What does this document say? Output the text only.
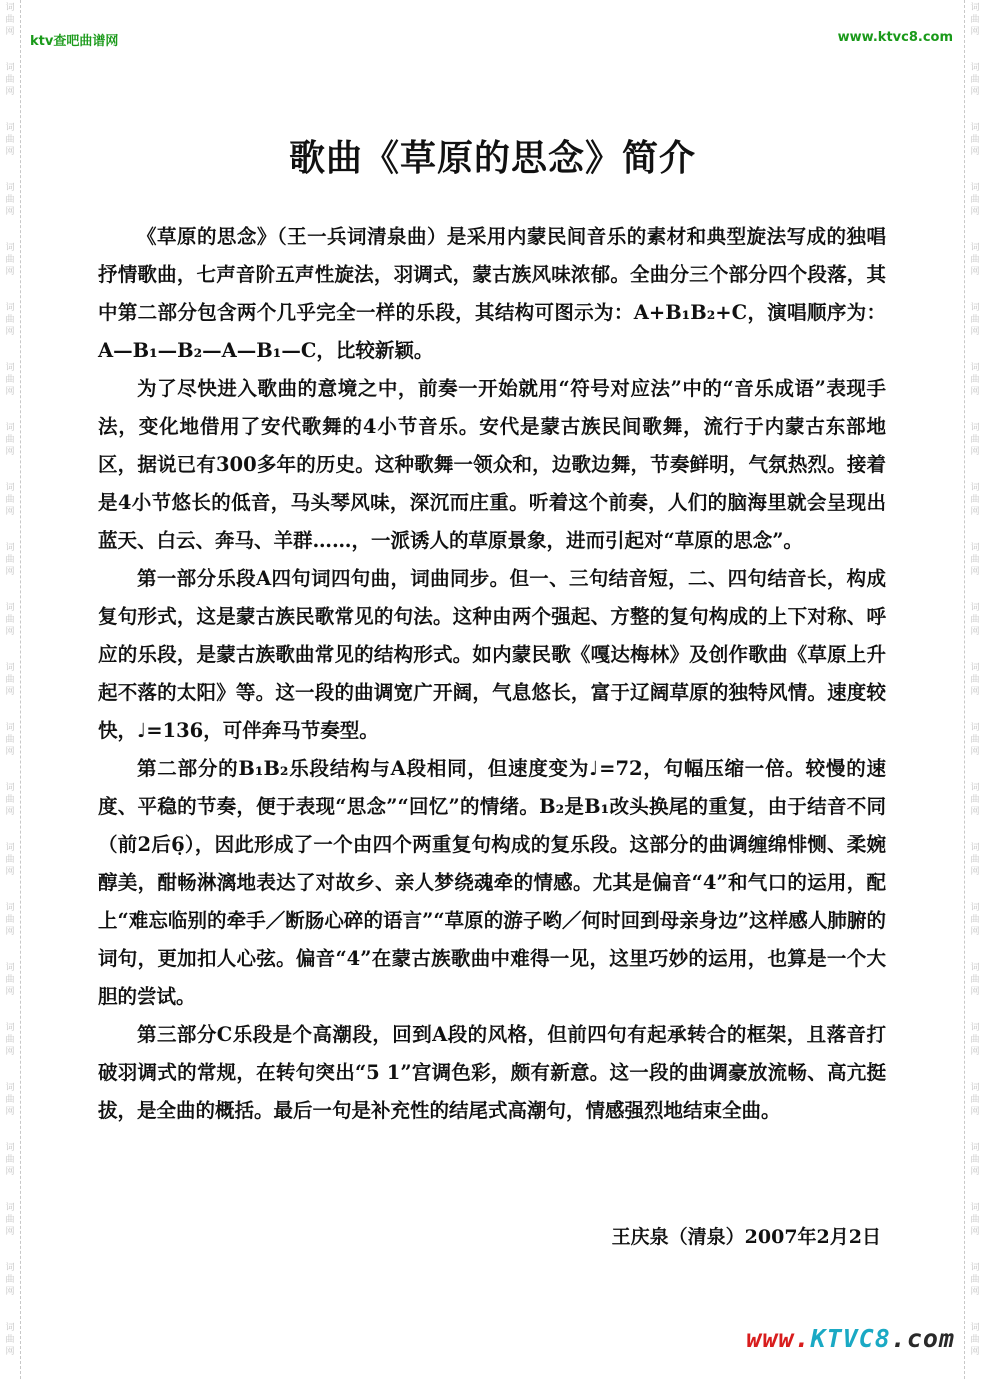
词
曲
网
词
曲
网
词
曲
网
词
曲
网
词
曲
网
词
曲
网
词
曲
网
词
曲
网
词
曲
网
词
曲
网
词
曲
网
词
曲
网
词
曲
网
词
曲
网
词
曲
网
词
曲
网
词
曲
网
词
曲
网
词
曲
网
词
曲
网
词
曲
网
词
曲
网
词
曲
网
词
曲
网
词
曲
网
词
曲
网
词
曲
网
词
曲
网
词
曲
网
词
曲
网
词
曲
网
词
曲
网
词
曲
网
词
曲
网
词
曲
网
词
曲
网
词
曲
网
词
曲
网
词
曲
网
词
曲
网
词
曲
网
词
曲
网
词
曲
网
词
曲
网
词
曲
网
词
曲
网
ktv查吧曲谱网	www.ktvc8.com
歌曲《草原的思念》简介

《草原的思念》（王一兵词清泉曲）是采用内蒙民间音乐的素材和典型旋法写成的独唱抒情歌曲，七声音阶五声性旋法，羽调式，蒙古族风味浓郁。全曲分三个部分四个段落，其中第二部分包含两个几乎完全一样的乐段，其结构可图示为：A+B₁B₂+C，演唱顺序为：A—B₁—B₂—A—B₁—C，比较新颖。

为了尽快进入歌曲的意境之中，前奏一开始就用“符号对应法”中的“音乐成语”表现手法，变化地借用了安代歌舞的4小节音乐。安代是蒙古族民间歌舞，流行于内蒙古东部地区，据说已有300多年的历史。这种歌舞一领众和，边歌边舞，节奏鲜明，气氛热烈。接着是4小节悠长的低音，马头琴风味，深沉而庄重。听着这个前奏，人们的脑海里就会呈现出蓝天、白云、奔马、羊群……，一派诱人的草原景象，进而引起对“草原的思念”。

第一部分乐段A四句词四句曲，词曲同步。但一、三句结音短，二、四句结音长，构成复句形式，这是蒙古族民歌常见的句法。这种由两个强起、方整的复句构成的上下对称、呼应的乐段，是蒙古族歌曲常见的结构形式。如内蒙民歌《嘎达梅林》及创作歌曲《草原上升起不落的太阳》等。这一段的曲调宽广开阔，气息悠长，富于辽阔草原的独特风情。速度较快，♩=136，可伴奔马节奏型。

第二部分的B₁B₂乐段结构与A段相同，但速度变为♩=72，句幅压缩一倍。较慢的速度、平稳的节奏，便于表现“思念”“回忆”的情绪。B₂是B₁改头换尾的重复，由于结音不同（前2后6̣），因此形成了一个由四个两重复句构成的复乐段。这部分的曲调缠绵悱恻、柔婉醇美，酣畅淋漓地表达了对故乡、亲人梦绕魂牵的情感。尤其是偏音“4”和气口的运用，配上“难忘临别的牵手／断肠心碎的语言”“草原的游子哟／何时回到母亲身边”这样感人肺腑的词句，更加扣人心弦。偏音“4”在蒙古族歌曲中难得一见，这里巧妙的运用，也算是一个大胆的尝试。

第三部分C乐段是个高潮段，回到A段的风格，但前四句有起承转合的框架，且落音打破羽调式的常规，在转句突出“5 1”宫调色彩，颇有新意。这一段的曲调豪放流畅、高亢挺拔，是全曲的概括。最后一句是补充性的结尾式高潮句，情感强烈地结束全曲。

王庆泉（清泉）2007年2月2日
www.KTVC8.com
